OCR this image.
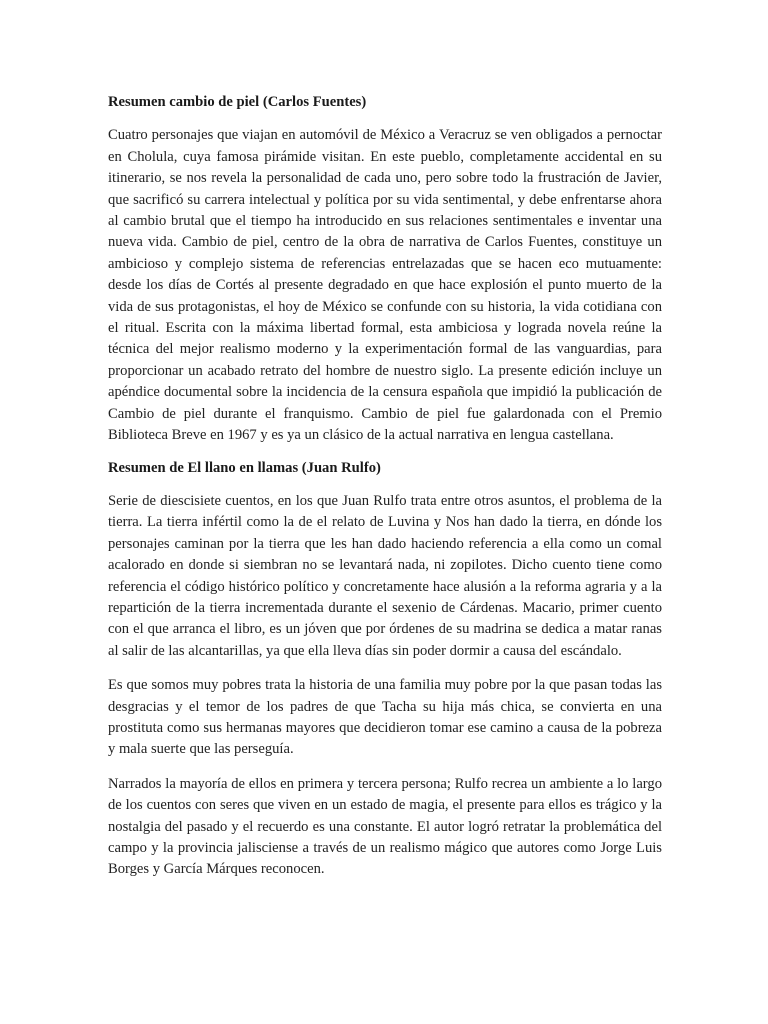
Resumen cambio de piel (Carlos Fuentes)

Cuatro personajes que viajan en automóvil de México a Veracruz se ven obligados a pernoctar en Cholula, cuya famosa pirámide visitan. En este pueblo, completamente accidental en su itinerario, se nos revela la personalidad de cada uno, pero sobre todo la frustración de Javier, que sacrificó su carrera intelectual y política por su vida sentimental, y debe enfrentarse ahora al cambio brutal que el tiempo ha introducido en sus relaciones sentimentales e inventar una nueva vida. Cambio de piel, centro de la obra de narrativa de Carlos Fuentes, constituye un ambicioso y complejo sistema de referencias entrelazadas que se hacen eco mutuamente: desde los días de Cortés al presente degradado en que hace explosión el punto muerto de la vida de sus protagonistas, el hoy de México se confunde con su historia, la vida cotidiana con el ritual. Escrita con la máxima libertad formal, esta ambiciosa y lograda novela reúne la técnica del mejor realismo moderno y la experimentación formal de las vanguardias, para proporcionar un acabado retrato del hombre de nuestro siglo. La presente edición incluye un apéndice documental sobre la incidencia de la censura española que impidió la publicación de Cambio de piel durante el franquismo. Cambio de piel fue galardonada con el Premio Biblioteca Breve en 1967 y es ya un clásico de la actual narrativa en lengua castellana.

Resumen de El llano en llamas (Juan Rulfo)

Serie de diescisiete cuentos, en los que Juan Rulfo trata entre otros asuntos, el problema de la tierra. La tierra infértil como la de el relato de Luvina y Nos han dado la tierra, en dónde los personajes caminan por la tierra que les han dado haciendo referencia a ella como un comal acalorado en donde si siembran no se levantará nada, ni zopilotes. Dicho cuento tiene como referencia el código histórico político y concretamente hace alusión a la reforma agraria y a la repartición de la tierra incrementada durante el sexenio de Cárdenas. Macario, primer cuento con el que arranca el libro, es un jóven que por órdenes de su madrina se dedica a matar ranas al salir de las alcantarillas, ya que ella lleva días sin poder dormir a causa del escándalo.

Es que somos muy pobres trata la historia de una familia muy pobre por la que pasan todas las desgracias y el temor de los padres de que Tacha su hija más chica, se convierta en una prostituta como sus hermanas mayores que decidieron tomar ese camino a causa de la pobreza y mala suerte que las perseguía.

Narrados la mayoría de ellos en primera y tercera persona; Rulfo recrea un ambiente a lo largo de los cuentos con seres que viven en un estado de magia, el presente para ellos es trágico y la nostalgia del pasado y el recuerdo es una constante. El autor logró retratar la problemática del campo y la provincia jalisciense a través de un realismo mágico que autores como Jorge Luis Borges y García Márques reconocen.
